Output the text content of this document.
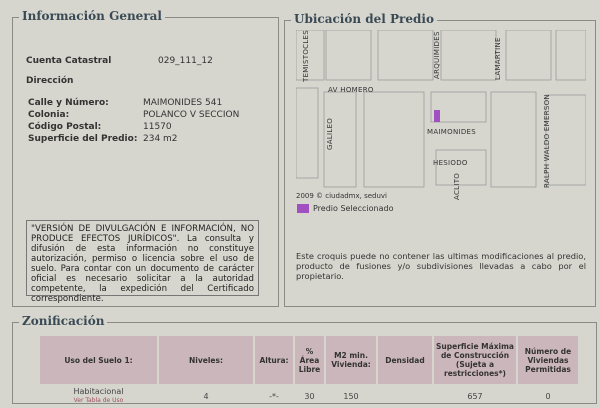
Información General
Cuenta Catastral	029_111_12
Dirección
Calle y Número:	MAIMONIDES 541
Colonia:	POLANCO V SECCION
Código Postal:	11570
Superficie del Predio: 234 m2
"VERSIÓN DE DIVULGACIÓN E INFORMACIÓN, NO PRODUCE EFECTOS JURÍDICOS". La consulta y difusión de esta información no constituye autorización, permiso o licencia sobre el uso de suelo. Para contar con un documento de carácter oficial es necesario solicitar a la autoridad competente, la expedición del Certificado correspondiente.
Ubicación del Predio
TEMISTOCLES	ARQUIMIDES	LAMARTINE
AV HOMERO
GALILEO	MAIMONIDES
HESIODO
ACLITO	RALPH WALDO EMERSON
2009 © ciudadmx, seduvi
Predio Seleccionado
Este croquis puede no contener las ultimas modificaciones al predio, producto de fusiones y/o subdivisiones llevadas a cabo por el propietario.
Zonificación
Uso del Suelo 1:	Niveles:	Altura:	% Área Libre	M2 min. Vivienda:	Densidad	Superficie Máxima de Construcción (Sujeta a restricciones*)	Número de Viviendas Permitidas

Habitacional
Ver Tabla de Uso	4	-*-	30	150		657	0
